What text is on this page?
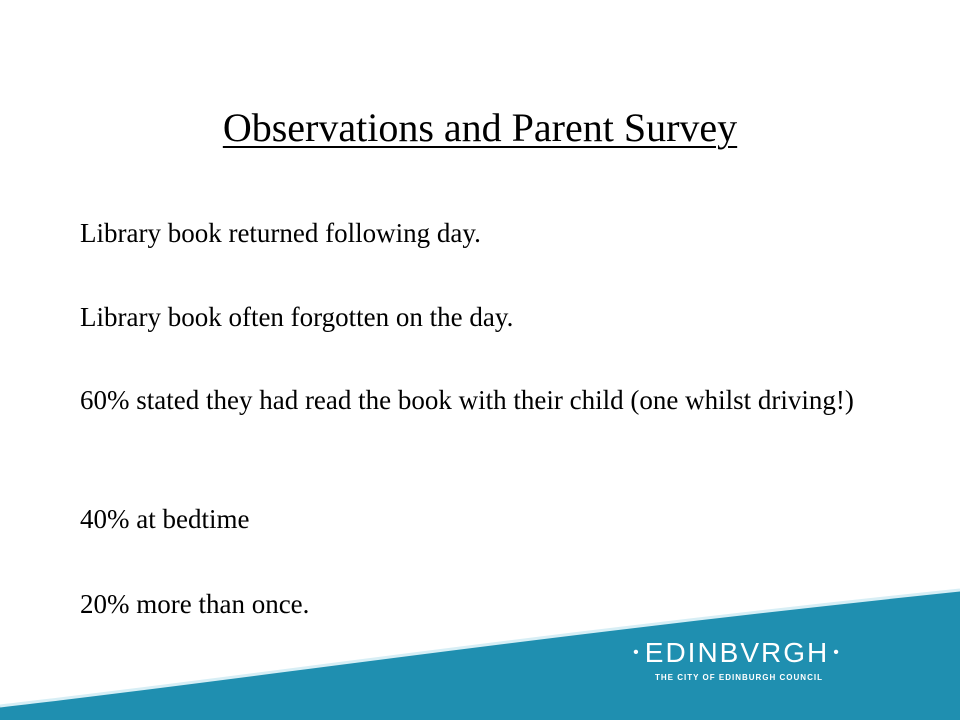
Observations and Parent Survey

Library book returned following day.

Library book often forgotten on the day.

60% stated they had read the book with their child (one whilst driving!)

40% at bedtime

20% more than once.

• EDINBVRGH •
THE CITY OF EDINBURGH COUNCIL
